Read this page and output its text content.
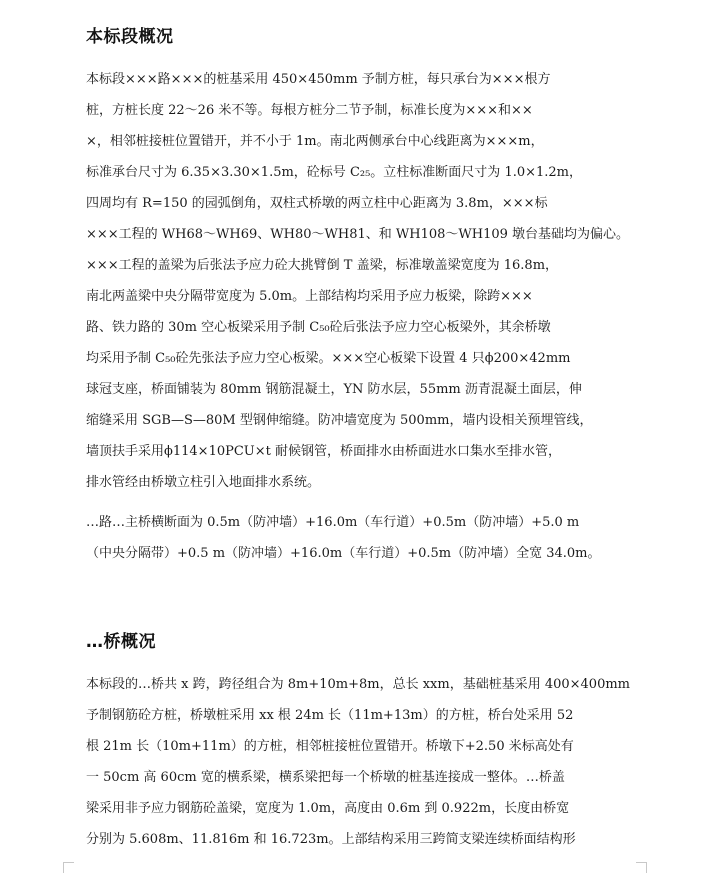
本标段概况
本标段×××路×××的桩基采用 450×450mm 予制方桩，每只承台为×××根方
桩，方桩长度 22～26 米不等。每根方桩分二节予制，标准长度为×××和××
×，相邻桩接桩位置错开，并不小于 1m。南北两侧承台中心线距离为×××m，
标准承台尺寸为 6.35×3.30×1.5m，砼标号 C₂₅。立柱标准断面尺寸为 1.0×1.2m，
四周均有 R=150 的园弧倒角，双柱式桥墩的两立柱中心距离为 3.8m，×××标
×××工程的 WH68～WH69、WH80～WH81、和 WH108～WH109 墩台基础均为偏心。
×××工程的盖梁为后张法予应力砼大挑臂倒 T 盖梁，标准墩盖梁宽度为 16.8m，
南北两盖梁中央分隔带宽度为 5.0m。上部结构均采用予应力板梁，除跨×××
路、铁力路的 30m 空心板梁采用予制 C₅₀砼后张法予应力空心板梁外，其余桥墩
均采用予制 C₅₀砼先张法予应力空心板梁。×××空心板梁下设置 4 只ϕ200×42mm
球冠支座，桥面铺装为 80mm 钢筋混凝土，YN 防水层，55mm 沥青混凝土面层，伸
缩缝采用 SGB—S—80M 型钢伸缩缝。防冲墙宽度为 500mm，墙内设相关预埋管线，
墙顶扶手采用ϕ114×10PCU×t 耐候钢管，桥面排水由桥面进水口集水至排水管，
排水管经由桥墩立柱引入地面排水系统。
…路…主桥横断面为 0.5m（防冲墙）+16.0m（车行道）+0.5m（防冲墙）+5.0 m
（中央分隔带）+0.5 m（防冲墙）+16.0m（车行道）+0.5m（防冲墙）全宽 34.0m。
…桥概况
本标段的…桥共 x 跨，跨径组合为 8m+10m+8m，总长 xxm，基础桩基采用 400×400mm
予制钢筋砼方桩，桥墩桩采用 xx 根 24m 长（11m+13m）的方桩，桥台处采用 52
根 21m 长（10m+11m）的方桩，相邻桩接桩位置错开。桥墩下+2.50 米标高处有
一 50cm 高 60cm 宽的横系梁，横系梁把每一个桥墩的桩基连接成一整体。…桥盖
梁采用非予应力钢筋砼盖梁，宽度为 1.0m，高度由 0.6m 到 0.922m，长度由桥宽
分别为 5.608m、11.816m 和 16.723m。上部结构采用三跨简支梁连续桥面结构形
